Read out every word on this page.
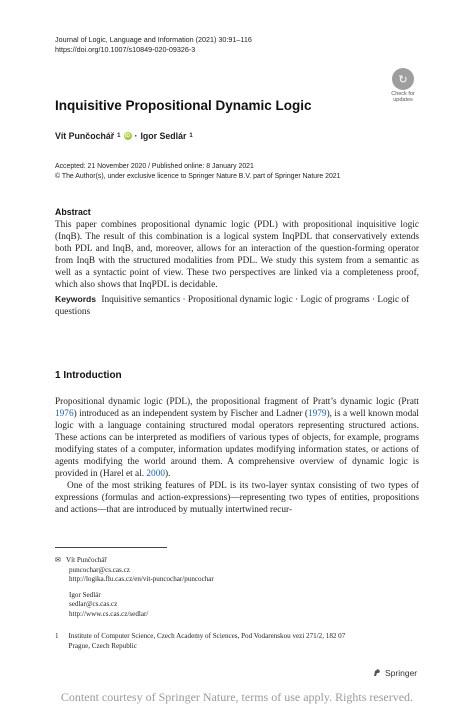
Journal of Logic, Language and Information (2021) 30:91–116
https://doi.org/10.1007/s10849-020-09326-3
↻
Check for
updates
Inquisitive Propositional Dynamic Logic
Vít Punčochář 1 iD · Igor Sedlár 1
Accepted: 21 November 2020 / Published online: 8 January 2021
© The Author(s), under exclusive licence to Springer Nature B.V. part of Springer Nature 2021
Abstract
This paper combines propositional dynamic logic (PDL) with propositional inquisitive logic (InqB). The result of this combination is a logical system InqPDL that conservatively extends both PDL and InqB, and, moreover, allows for an interaction of the question-forming operator from InqB with the structured modalities from PDL. We study this system from a semantic as well as a syntactic point of view. These two perspectives are linked via a completeness proof, which also shows that InqPDL is decidable.
Keywords Inquisitive semantics · Propositional dynamic logic · Logic of programs · Logic of questions
1 Introduction

Propositional dynamic logic (PDL), the propositional fragment of Pratt’s dynamic logic (Pratt 1976) introduced as an independent system by Fischer and Ladner (1979), is a well known modal logic with a language containing structured modal operators representing structured actions. These actions can be interpreted as modifiers of various types of objects, for example, programs modifying states of a computer, information updates modifying information states, or actions of agents modifying the world around them. A comprehensive overview of dynamic logic is provided in (Harel et al. 2000).

One of the most striking features of PDL is its two-layer syntax consisting of two types of expressions (formulas and action-expressions)—representing two types of entities, propositions and actions—that are introduced by mutually intertwined recur-

✉ Vít Punčochář
puncochar@cs.cas.cz
http://logika.flu.cas.cz/en/vit-puncochar/puncochar
Igor Sedlár
sedlar@cs.cas.cz
http://www.cs.cas.cz/sedlar/
1 Institute of Computer Science, Czech Academy of Sciences, Pod Vodarenskou vezi 271/2, 182 07
Prague, Czech Republic
Springer
Content courtesy of Springer Nature, terms of use apply. Rights reserved.
